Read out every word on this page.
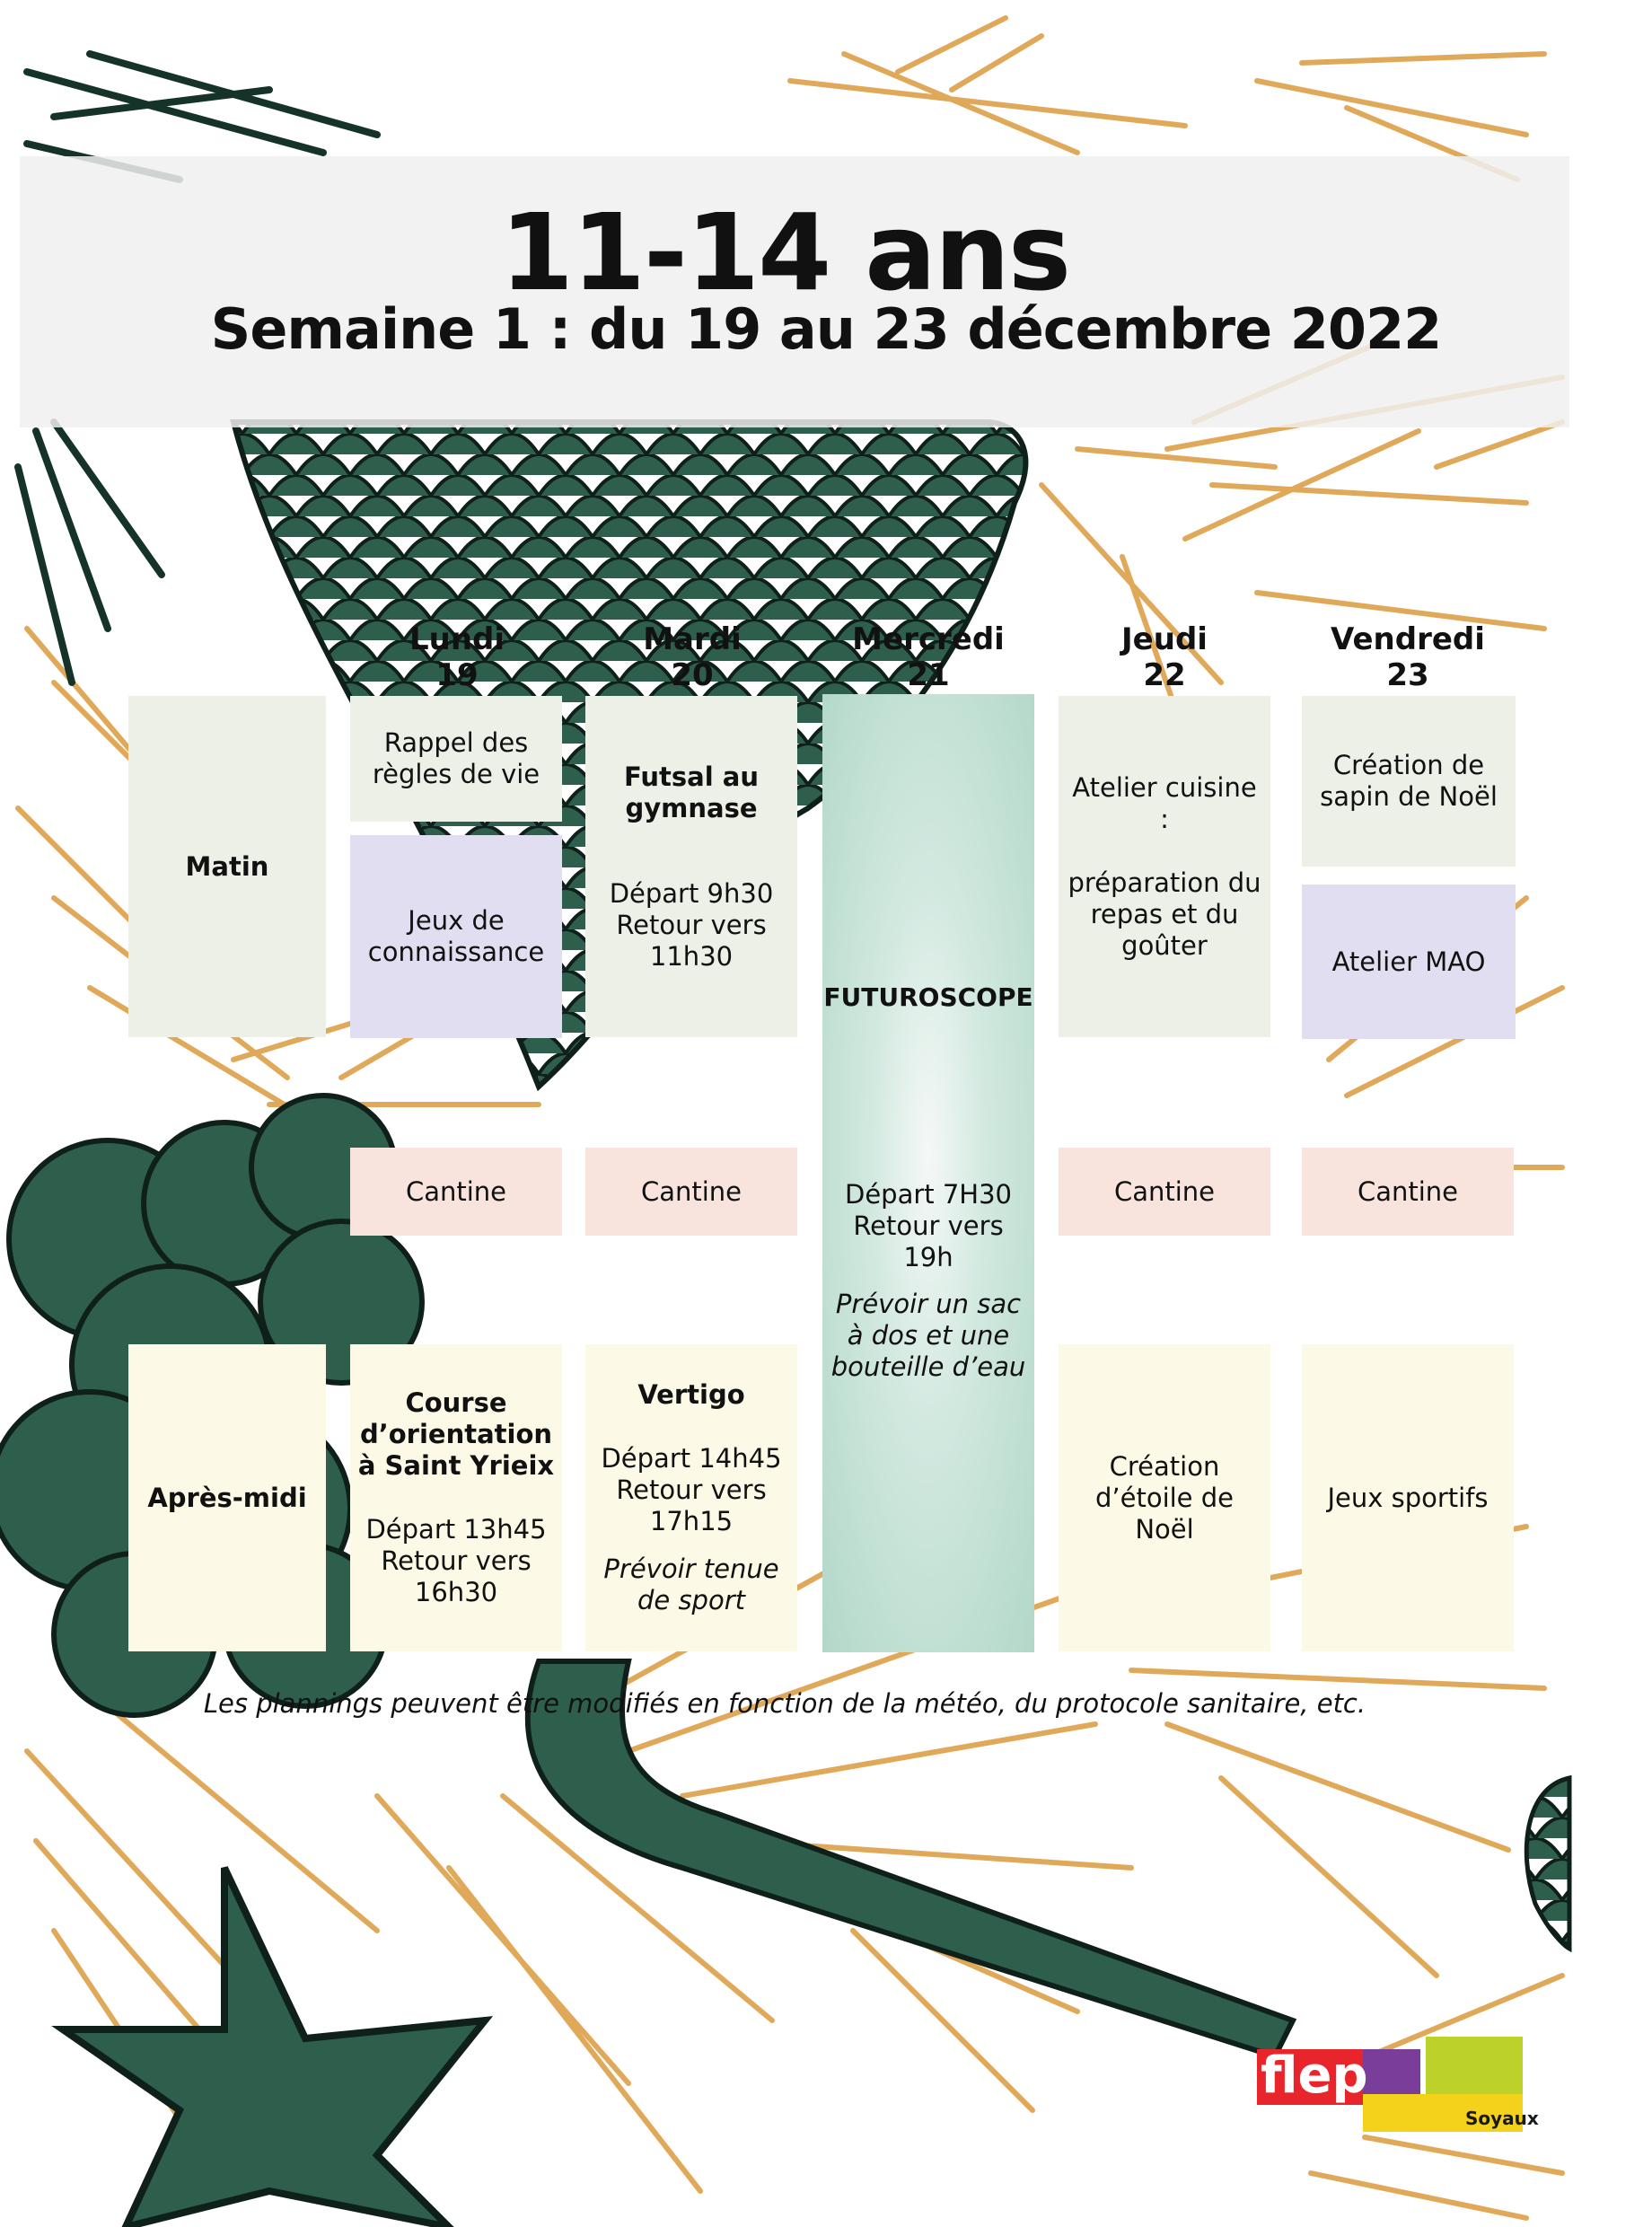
11-14 ans
Semaine 1 : du 19 au 23 décembre 2022
Lundi
19
Mardi
20
Mercredi
21
Jeudi
22
Vendredi
23
Matin
Après-midi
Rappel des règles de vie
Jeux de connaissance
Cantine
Course d’orientation à Saint Yrieix
Départ 13h45 Retour vers 16h30
Futsal au gymnase
Départ 9h30 Retour vers 11h30
Cantine
Vertigo
Départ 14h45 Retour vers 17h15
Prévoir tenue de sport
FUTUROSCOPE
Départ 7H30 Retour vers 19h
Prévoir un sac à dos et une bouteille d’eau
Atelier cuisine :
préparation du repas et du goûter
Cantine
Création d’étoile de Noël
Création de sapin de Noël
Atelier MAO
Cantine
Jeux sportifs
Les plannings peuvent être modifiés en fonction de la météo, du protocole sanitaire, etc.
flep
Soyaux
